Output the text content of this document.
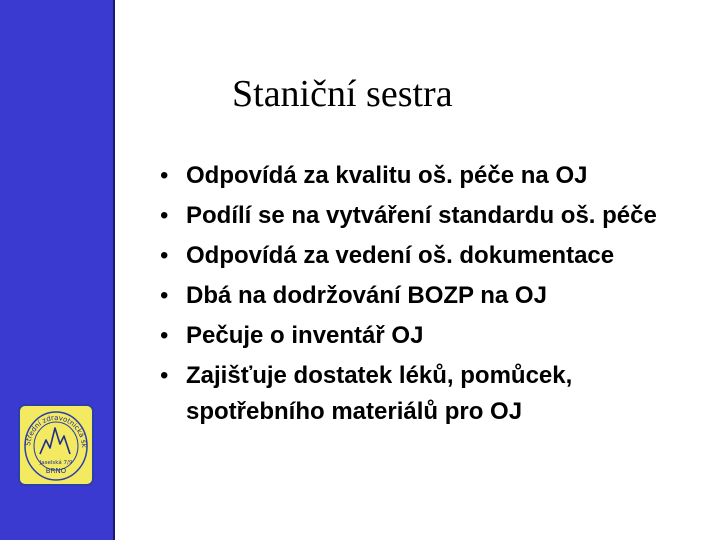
Střední zdravotnická šk
Jaselská 7/9
BRNO
Staniční sestra
• Odpovídá za kvalitu oš. péče na OJ
• Podílí se na vytváření standardu oš. péče
• Odpovídá za vedení oš. dokumentace
• Dbá na dodržování BOZP na OJ
• Pečuje o inventář OJ
• Zajišťuje dostatek léků, pomůcek, spotřebního materiálů pro OJ
